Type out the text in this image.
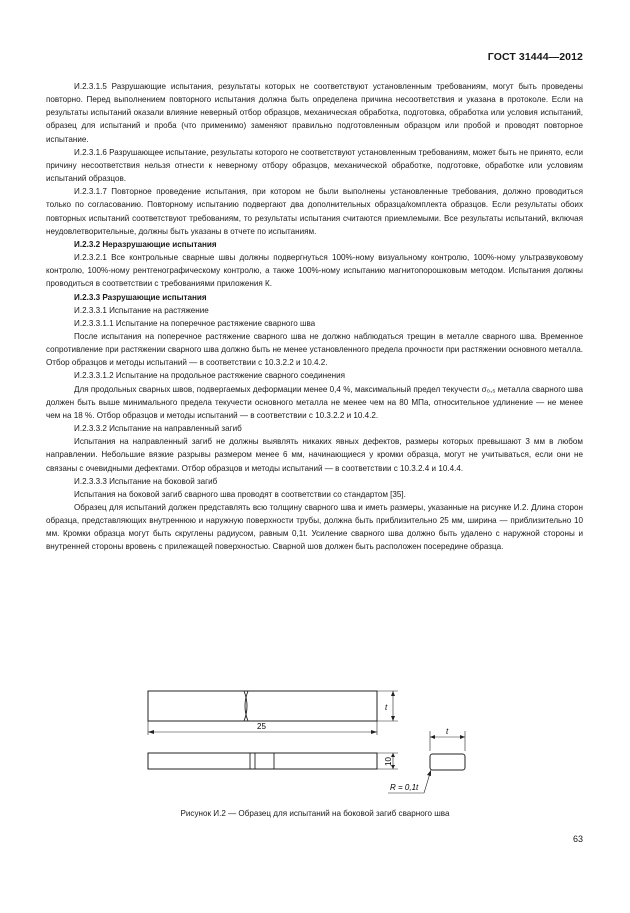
ГОСТ 31444—2012

И.2.3.1.5 Разрушающие испытания, результаты которых не соответствуют установленным требованиям, могут быть проведены повторно. Перед выполнением повторного испытания должна быть определена причина несоответствия и указана в протоколе. Если на результаты испытаний оказали влияние неверный отбор образцов, механическая обработка, подготовка, обработка или условия испытаний, образец для испытаний и проба (что применимо) заменяют правильно подготовленным образцом или пробой и проводят повторное испытание.

И.2.3.1.6 Разрушающее испытание, результаты которого не соответствуют установленным требованиям, может быть не принято, если причину несоответствия нельзя отнести к неверному отбору образцов, механической обработке, подготовке, обработке или условиям испытаний образцов.

И.2.3.1.7 Повторное проведение испытания, при котором не были выполнены установленные требования, должно проводиться только по согласованию. Повторному испытанию подвергают два дополнительных образца/комплекта образцов. Если результаты обоих повторных испытаний соответствуют требованиям, то результаты испытания считаются приемлемыми. Все результаты испытаний, включая неудовлетворительные, должны быть указаны в отчете по испытаниям.

И.2.3.2 Неразрушающие испытания

И.2.3.2.1 Все контрольные сварные швы должны подвергнуться 100%-ному визуальному контролю, 100%-ному ультразвуковому контролю, 100%-ному рентгенографическому контролю, а также 100%-ному испытанию магнитопорошковым методом. Испытания должны проводиться в соответствии с требованиями приложения К.

И.2.3.3 Разрушающие испытания

И.2.3.3.1 Испытание на растяжение

И.2.3.3.1.1 Испытание на поперечное растяжение сварного шва

После испытания на поперечное растяжение сварного шва не должно наблюдаться трещин в металле сварного шва. Временное сопротивление при растяжении сварного шва должно быть не менее установленного предела прочности при растяжении основного металла. Отбор образцов и методы испытаний — в соответствии с 10.3.2.2 и 10.4.2.

И.2.3.3.1.2 Испытание на продольное растяжение сварного соединения

Для продольных сварных швов, подвергаемых деформации менее 0,4 %, максимальный предел текучести σ₀,₅ металла сварного шва должен быть выше минимального предела текучести основного металла не менее чем на 80 МПа, относительное удлинение — не менее чем на 18 %. Отбор образцов и методы испытаний — в соответствии с 10.3.2.2 и 10.4.2.

И.2.3.3.2 Испытание на направленный загиб

Испытания на направленный загиб не должны выявлять никаких явных дефектов, размеры которых превышают 3 мм в любом направлении. Небольшие вязкие разрывы размером менее 6 мм, начинающиеся у кромки образца, могут не учитываться, если они не связаны с очевидными дефектами. Отбор образцов и методы испытаний — в соответствии с 10.3.2.4 и 10.4.4.

И.2.3.3.3 Испытание на боковой загиб

Испытания на боковой загиб сварного шва проводят в соответствии со стандартом [35].

Образец для испытаний должен представлять всю толщину сварного шва и иметь размеры, указанные на рисунке И.2. Длина сторон образца, представляющих внутреннюю и наружную поверхности трубы, должна быть приблизительно 25 мм, ширина — приблизительно 10 мм. Кромки образца могут быть скруглены радиусом, равным 0,1t. Усиление сварного шва должно быть удалено с наружной стороны и внутренней стороны вровень с прилежащей поверхностью. Сварной шов должен быть расположен посередине образца.

t
25
10
t
R = 0,1t
Рисунок И.2 — Образец для испытаний на боковой загиб сварного шва
63
